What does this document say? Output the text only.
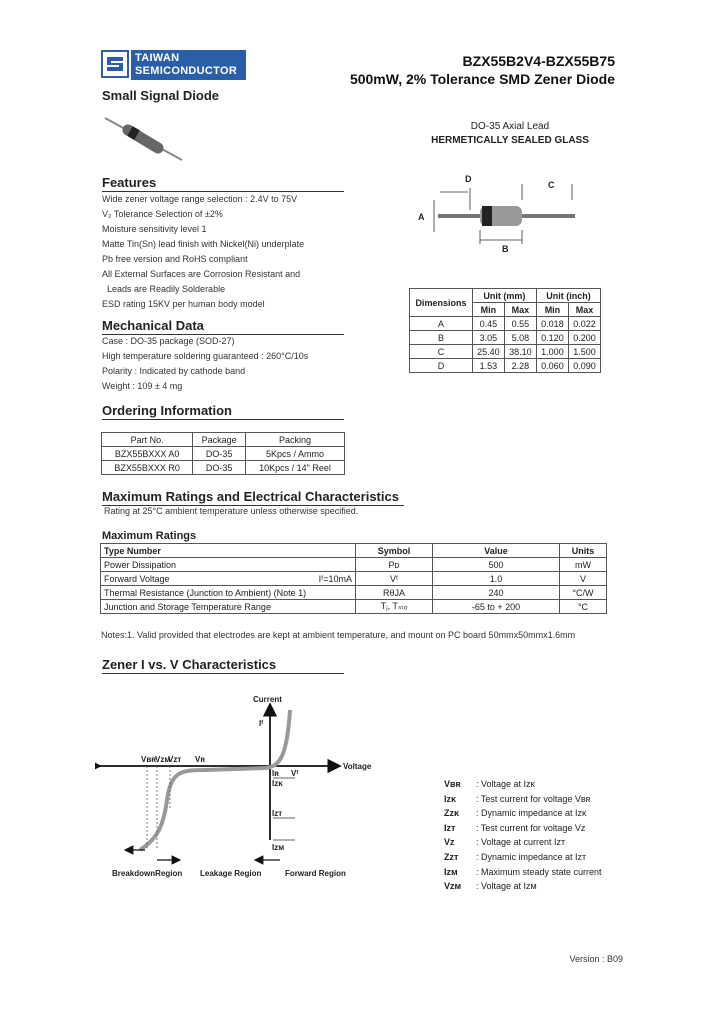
TAIWAN
SEMICONDUCTOR
BZX55B2V4-BZX55B75
500mW, 2% Tolerance SMD Zener Diode
Small Signal Diode
DO-35 Axial Lead
HERMETICALLY SEALED GLASS
D
C
A
B
Dimensions	Unit (mm)		Unit (inch)	
	Min	Max	Min	Max
A	0.45	0.55	0.018	0.022
B	3.05	5.08	0.120	0.200
C	25.40	38.10	1.000	1.500
D	1.53	2.28	0.060	0.090
Features
Wide zener voltage range selection : 2.4V to 75V
V₂ Tolerance Selection of ±2%
Moisture sensitivity level 1
Matte Tin(Sn) lead finish with Nickel(Ni) underplate
Pb free version and RoHS compliant
All External Surfaces are Corrosion Resistant and
Leads are Readily Solderable
ESD rating 15KV per human body model
Mechanical Data
Case : DO-35 package (SOD-27)
High temperature soldering guaranteed : 260°C/10s
Polarity : Indicated by cathode band
Weight : 109 ± 4 mg
Ordering Information
Part No.	Package	Packing
BZX55BXXX A0	DO-35	5Kpcs / Ammo
BZX55BXXX R0	DO-35	10Kpcs / 14" Reel
Maximum Ratings and Electrical Characteristics
Rating at 25°C ambient temperature unless otherwise specified.
Maximum Ratings
Type Number	Symbol	Value	Units
Power Dissipation	Pᴅ	500	mW
Forward Voltage Iᶠ=10mA	Vᶠ	1.0	V
Thermal Resistance (Junction to Ambient) (Note 1)	RθJA	240	°C/W
Junction and Storage Temperature Range	Tⱼ, Tₛₜₒ	-65 to + 200	°C
Notes:1. Valid provided that electrodes are kept at ambient temperature, and mount on PC board 50mmx50mmx1.6mm
Zener I vs. V Characteristics
Current
Voltage
Vʙʀ Vᴢᴍ
Vᴢᴛ Vʀ
Vᶠ
Iᶠ
Iʀ
Iᴢᴋ
Iᴢᴛ
Iᴢᴍ
BreakdownRegion Leakage Region	Forward Region
Vʙʀ : Voltage at Iᴢᴋ
Iᴢᴋ : Test current for voltage Vʙʀ
Zᴢᴋ : Dynamic impedance at Iᴢᴋ
Iᴢᴛ : Test current for voltage Vᴢ
Vᴢ : Voltage at current Iᴢᴛ
Zᴢᴛ : Dynamic impedance at Iᴢᴛ
Iᴢᴍ : Maximum steady state current
Vᴢᴍ : Voltage at Iᴢᴍ
Version : B09
